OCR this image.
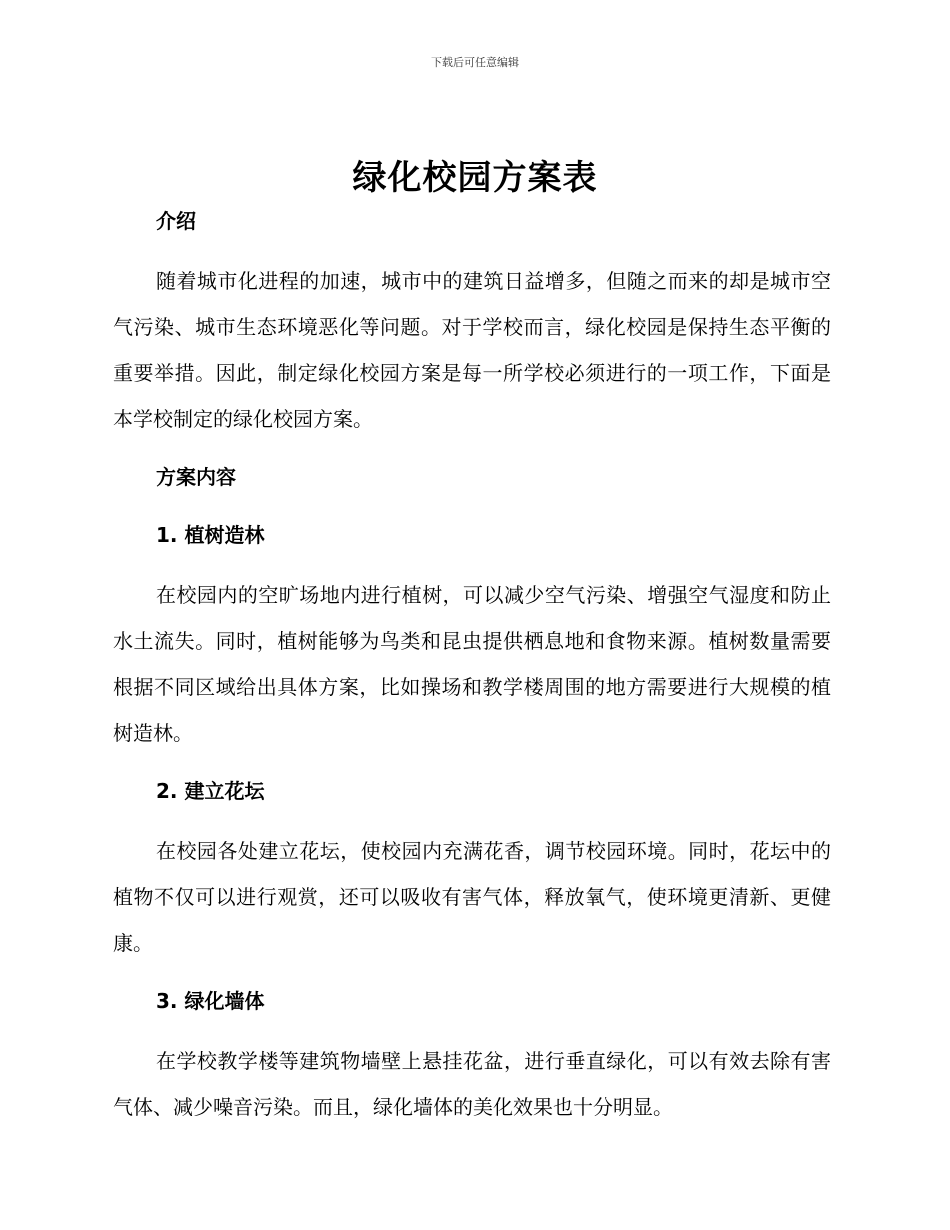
下载后可任意编辑
绿化校园方案表
介绍

随着城市化进程的加速，城市中的建筑日益增多，但随之而来的却是城市空气污染、城市生态环境恶化等问题。对于学校而言，绿化校园是保持生态平衡的重要举措。因此，制定绿化校园方案是每一所学校必须进行的一项工作，下面是本学校制定的绿化校园方案。

方案内容
1. 植树造林

在校园内的空旷场地内进行植树，可以减少空气污染、增强空气湿度和防止水土流失。同时，植树能够为鸟类和昆虫提供栖息地和食物来源。植树数量需要根据不同区域给出具体方案，比如操场和教学楼周围的地方需要进行大规模的植树造林。

2. 建立花坛

在校园各处建立花坛，使校园内充满花香，调节校园环境。同时，花坛中的植物不仅可以进行观赏，还可以吸收有害气体，释放氧气，使环境更清新、更健康。

3. 绿化墙体

在学校教学楼等建筑物墙壁上悬挂花盆，进行垂直绿化，可以有效去除有害气体、减少噪音污染。而且，绿化墙体的美化效果也十分明显。
